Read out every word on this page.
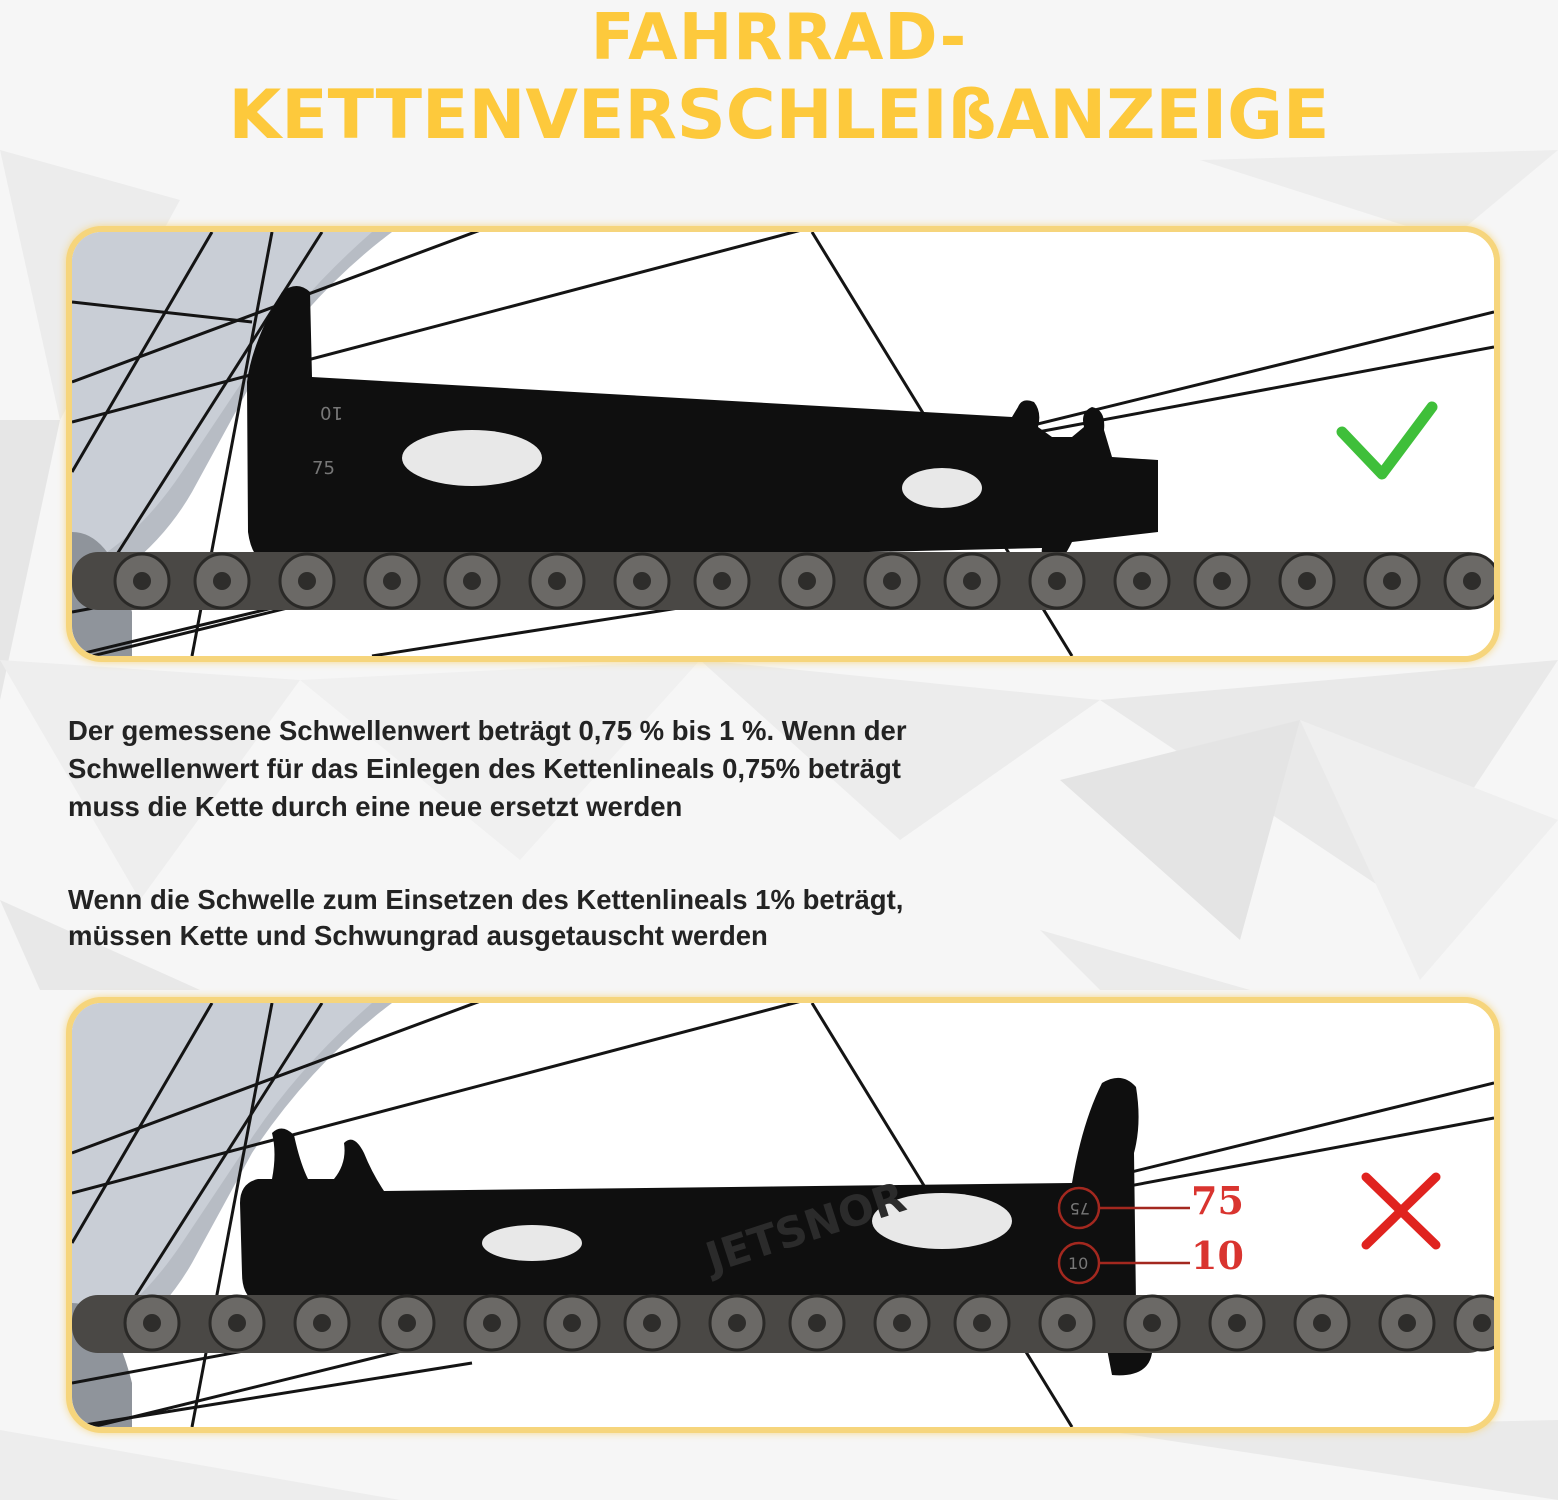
FAHRRAD-
KETTENVERSCHLEIßANZEIGE
10
75
Der gemessene Schwellenwert beträgt 0,75 % bis 1 %. Wenn der
Schwellenwert für das Einlegen des Kettenlineals 0,75% beträgt
muss die Kette durch eine neue ersetzt werden
Wenn die Schwelle zum Einsetzen des Kettenlineals 1% beträgt,
müssen Kette und Schwungrad ausgetauscht werden
JETSNOR	75
10
75
10
